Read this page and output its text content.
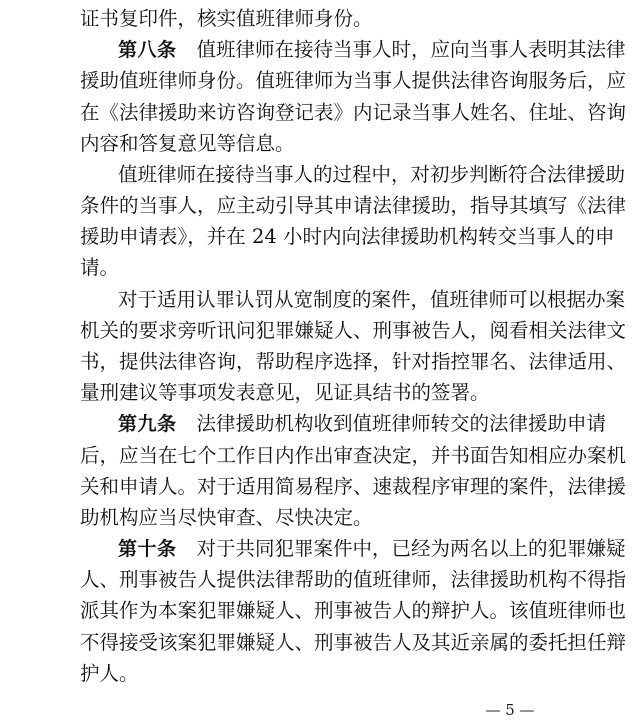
证书复印件，核实值班律师身份。
第八条 值班律师在接待当事人时，应向当事人表明其法律
援助值班律师身份。值班律师为当事人提供法律咨询服务后，应
在《法律援助来访咨询登记表》内记录当事人姓名、住址、咨询
内容和答复意见等信息。
值班律师在接待当事人的过程中，对初步判断符合法律援助
条件的当事人，应主动引导其申请法律援助，指导其填写《法律
援助申请表》，并在 24 小时内向法律援助机构转交当事人的申
请。
对于适用认罪认罚从宽制度的案件，值班律师可以根据办案
机关的要求旁听讯问犯罪嫌疑人、刑事被告人，阅看相关法律文
书，提供法律咨询，帮助程序选择，针对指控罪名、法律适用、
量刑建议等事项发表意见，见证具结书的签署。
第九条 法律援助机构收到值班律师转交的法律援助申请
后，应当在七个工作日内作出审查决定，并书面告知相应办案机
关和申请人。对于适用简易程序、速裁程序审理的案件，法律援
助机构应当尽快审查、尽快决定。
第十条 对于共同犯罪案件中，已经为两名以上的犯罪嫌疑
人、刑事被告人提供法律帮助的值班律师，法律援助机构不得指
派其作为本案犯罪嫌疑人、刑事被告人的辩护人。该值班律师也
不得接受该案犯罪嫌疑人、刑事被告人及其近亲属的委托担任辩
护人。
— 5 —
